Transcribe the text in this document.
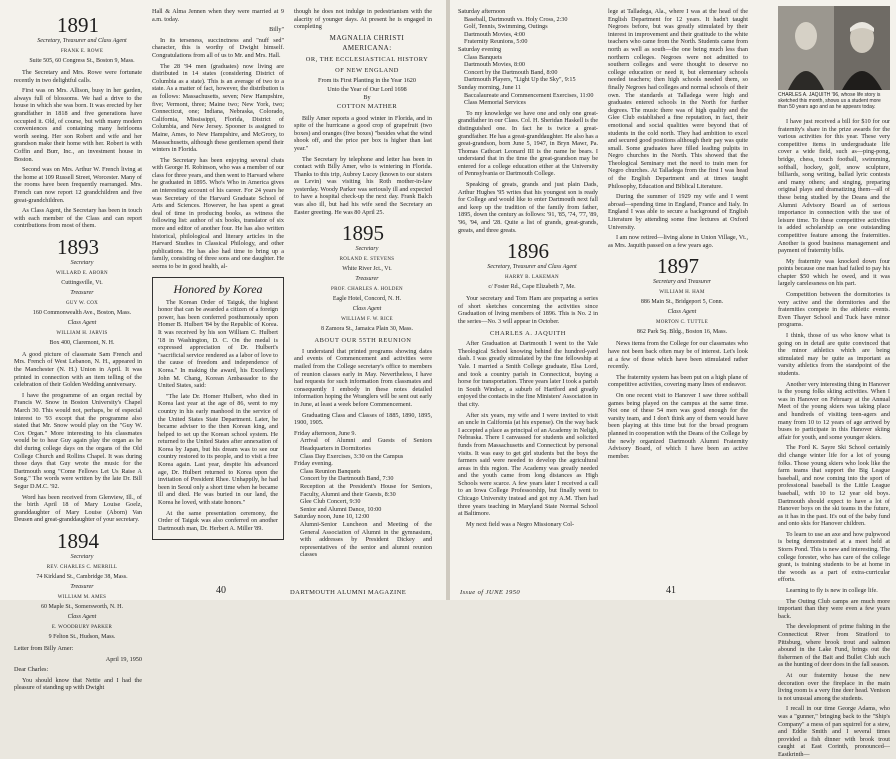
1891

Secretary, Treasurer and Class Agent

FRANK E. ROWE

Suite 505, 60 Congress St., Boston 9, Mass.

The Secretary and Mrs. Rowe were fortunate recently in two delightful calls.

First was on Mrs. Allison, busy in her garden, always full of blossoms. We had a drive to the house in which she was born. It was erected by her grandfather in 1818 and five generations have occupied it. Old, of course, but with many modern conveniences and containing many heirlooms worth seeing. Her son Robert and wife and her grandson make their home with her. Robert is with Coffin and Burr, Inc., an investment house in Boston.

Second was on Mrs. Arthur W. French living at the home at 109 Russell Street, Worcester. Many of the rooms have been frequently rearranged. Mrs. French can now report 12 grandchildren and five great-grandchildren.

As Class Agent, the Secretary has been in touch with each member of the Class and can report contributions from most of them.

1893

Secretary

WILLARD E. ABORN

Cuttingsville, Vt.

Treasurer

GUY W. COX

160 Commonwealth Ave., Boston, Mass.

Class Agent

WILLIAM H. JARVIS

Box 400, Claremont, N. H.

A good picture of classmate Sam French and Mrs. French of West Lebanon, N. H., appeared in the Manchester (N. H.) Union in April. It was printed in connection with an item telling of the celebration of their Golden Wedding anniversary.

I have the programme of an organ recital by Francis W. Snow in Boston University's Chapel March 30. This would not, perhaps, be of especial interest to '93 except that the programme also stated that Mr. Snow would play on the "Guy W. Cox Organ." More interesting to his classmates would be to hear Guy again play the organ as he did during college days on the organs of the Old College Church and Rollins Chapel. It was during those days that Guy wrote the music for the Dartmouth song "Come Fellows Let Us Raise A Song." The words were written by the late Dr. Bill Segur D.M.C. '92.

Word has been received from Glenview, Ill., of the birth April 18 of Mary Louise Goelz, granddaughter of Mary Louise (Aborn) Van Deusen and great-granddaughter of your secretary.

1894

Secretary

REV. CHARLES C. MERRILL

74 Kirkland St., Cambridge 38, Mass.

Treasurer

WILLIAM M. AMES

60 Maple St., Somersworth, N. H.

Class Agent

E. WOODBURY PARKER

9 Felton St., Hudson, Mass.

Letter from Billy Amer:

April 19, 1950

Dear Charles:

You should know that Nettie and I had the pleasure of standing up with Dwight

Hall & Alma Jennen when they were married at 9 a.m. today.

Billy"

In its terseness, succinctness and "nuff sed" character, this is worthy of Dwight himself. Congratulations from all of us to Mr. and Mrs. Hall.

The 28 '94 men (graduates) now living are distributed in 14 states (considering District of Columbia as a state). This is an average of two to a state. As a matter of fact, however, the distribution is as follows: Massachusetts, seven; New Hampshire, five; Vermont, three; Maine two; New York, two; Connecticut, one; Indiana, Nebraska, Colorado, California, Mississippi, Florida, District of Columbia, and New Jersey. Spooner is assigned to Maine, Ames, to New Hampshire, and McGrory, to Massachusetts, although these gentlemen spend their winters in Florida.

The Secretary has been enjoying several chats with George H. Robinson, who was a member of our class for three years, and then went to Harvard where he graduated in 1895. Who's Who in America gives an interesting account of his career. For 24 years he was Secretary of the Harvard Graduate School of Arts and Sciences. However, he has spent a great deal of time in producing books, as witness the following list: author of six books, translator of six more and editor of another four. He has also written historical, philological and literary articles in the Harvard Studies in Classical Philology, and other publications. He has also had time to bring up a family, consisting of three sons and one daughter. He seems to be in good health, al-

Honored by Korea

The Korean Order of Taiguk, the highest honor that can be awarded a citizen of a foreign power, has been conferred posthumously upon Homer B. Hulbert '84 by the Republic of Korea. It was received by his son William C. Hulbert '18 in Washington, D. C. On the medal is expressed appreciation of Dr. Hulbert's "sacrificial service rendered as a labor of love to the cause of freedom and independence of Korea." In making the award, his Excellency John M. Chang, Korean Ambassador to the United States, said:

"The late Dr. Homer Hulbert, who died in Korea last year at the age of 86, went to my country in his early manhood in the service of the United States State Department. Later, he became adviser to the then Korean king, and helped to set up the Korean school system. He returned to the United States after annexation of Korea by Japan, but his dream was to see our country restored to its people, and to visit a free Korea again. Last year, despite his advanced age, Dr. Hulbert returned to Korea upon the invitation of President Rhee. Unhappily, he had been in Seoul only a short time when he became ill and died. He was buried in our land, the Korea he loved, with state honors."

At the same presentation ceremony, the Order of Taiguk was also conferred on another Dartmouth man, Dr. Herbert A. Miller '89.

though he does not indulge in pedestrianism with the alacrity of younger days. At present he is engaged in completing

MAGNALIA CHRISTI

AMERICANA:

OR, THE ECCLESIASTICAL HISTORY

OF NEW ENGLAND

From its First Planting in the Year 1620

Unto the Year of Our Lord 1698

By

COTTON MATHER

Billy Amer reports a good winter in Florida, and in spite of the hurricane a good crop of grapefruit (two boxes) and oranges (five boxes) "besides what the wind shook off, and the price per box is higher than last year."

The Secretary by telephone and letter has been in contact with Billy Amer, who is wintering in Florida. Thanks to this trip, Aubrey Lucey (known to our sisters as Levin) was visiting his Roth mother-in-law yesterday. Woody Parker was seriously ill and expected to have a hospital check-up the next day. Frank Balch was also ill, but had his wife send the Secretary an Easter greeting. He was 80 April 25.

1895

Secretary

ROLAND E. STEVENS

White River Jct., Vt.

Treasurer

PROF. CHARLES A. HOLDEN

Eagle Hotel, Concord, N. H.

Class Agent

WILLIAM F. W. RICE

8 Zamora St., Jamaica Plain 30, Mass.

ABOUT OUR 55TH REUNION

I understand that printed programs showing dates and events of Commencement and activities were mailed from the College secretary's office to members of reunion classes early in May. Nevertheless, I have had requests for such information from classmates and consequently I embody in these notes detailed information hoping the Wranglers will be sent out early in June, at least a week before Commencement.

Graduating Class and Classes of 1885, 1890, 1895, 1900, 1905.

Friday afternoon, June 9.

Arrival of Alumni and Guests of Seniors Headquarters in Dormitories

Class Day Exercises, 3:30 on the Campus

Friday evening.

Class Reunion Banquets

Concert by the Dartmouth Band, 7:30

Reception at the President's House for Seniors, Faculty, Alumni and their Guests, 8:30

Glee Club Concert, 9:30

Senior and Alumni Dance, 10:00

Saturday noon, June 10, 12:00

Alumni-Senior Luncheon and Meeting of the General Association of Alumni in the gymnasium, with addresses by President Dickey and representatives of the senior and alumni reunion classes

40	DARTMOUTH ALUMNI MAGAZINE

Saturday afternoon

Baseball, Dartmouth vs. Holy Cross, 2:30

Golf, Tennis, Swimming, Outings

Dartmouth Movies, 4:00

Fraternity Reunions, 5:00

Saturday evening

Class Banquets

Dartmouth Movies, 8:00

Concert by the Dartmouth Band, 8:00

Dartmouth Players, "Light Up the Sky", 9:15

Sunday morning, June 11

Baccalaureate and Commencement Exercises, 11:00

Class Memorial Services

To my knowledge we have one and only one great-grandfather in our Class. Col. H. Sheridan Haskell is the distinguished one. In fact he is twice a great-grandfather. He has a great-granddaughter. He also has a great-grandson, born June 5, 1947, in Bryn Mawr, Pa. Thomas Cathcart Leonard III is the name he bears. I understand that in the time the great-grandson may be entered for a college education either at the University of Pennsylvania or Dartmouth College.

Speaking of greats, grands and just plain Dads, Arthur Hughes '95 writes that his youngest son is ready for College and would like to enter Dartmouth next fall and keep up the tradition of the family from father, 1895, down the century as follows: '91, '85, '74, '77, '89, '96, '94, and '28. Quite a list of grands, great-grands, greats, and three greats.

1896

Secretary, Treasurer and Class Agent

HARRY B. LAKEMAN

c/ Foster Rd., Cape Elizabeth 7, Me.

Your secretary and Tom Ham are preparing a series of short sketches concerning the activities since Graduation of living members of 1896. This is No. 2 in the series—No. 3 will appear in October.

CHARLES A. JAQUITH

After Graduation at Dartmouth I went to the Yale Theological School knowing behind the hundred-yard dash. I was greatly stimulated by the fine fellowship at Yale. I married a Smith College graduate, Elsa Lord, and took a country parish in Connecticut, buying a horse for transportation. Three years later I took a parish in South Windsor, a suburb of Hartford and greatly enjoyed the contacts in the fine Ministers' Association in that city.

After six years, my wife and I were invited to visit an uncle in California (at his expense). On the way back I accepted a place as principal of an Academy in Neligh, Nebraska. There I canvassed for students and solicited funds from Massachusetts and Connecticut by personal visits. It was easy to get girl students but the boys the farmers said were needed to develop the agricultural areas in this region. The Academy was greatly needed and the youth came from long distances as High Schools were scarce. A few years later I received a call to an Iowa College Professorship, but finally went to Chicago University instead and got my A.M. Then had three years teaching in Maryland State Normal School at Baltimore.

My next field was a Negro Missionary Col-

lege at Talladega, Ala., where I was at the head of the English Department for 12 years. It hadn't taught Negroes before, but was greatly stimulated by their interest in improvement and their gratitude to the white teachers who came from the North. Students came from north as well as south—the one being much less than northern colleges. Negroes were not admitted to southern colleges and were thought to deserve no college education or need it, but elementary schools needed teachers; then high schools needed them, so finally Negroes had colleges and normal schools of their own. The standards at Talladega were high and graduates entered schools in the North for further degrees. The music there was of high quality and the Glee Club established a fine reputation, in fact, their emotional and social qualities were beyond that of students in the cold north. They had ambition to excel and secured good positions although their pay was quite small. Some graduates have filled leading pulpits in Negro churches in the North. This showed that the Theological Seminary met the need to train men for Negro churches. At Talladega from the first I was head of the English Department and at times taught Philosophy, Education and Biblical Literature.

During the summer of 1929 my wife and I went abroad—spending time in England, France and Italy. In England I was able to secure a background of English Literature by attending some fine lectures at Oxford University.

I am now retired—living alone in Union Village, Vt., as Mrs. Jaquith passed on a few years ago.

1897

Secretary and Treasurer

WILLIAM H. HAM

886 Main St., Bridgeport 5, Conn.

Class Agent

MORTON C. TUTTLE

862 Park Sq. Bldg., Boston 16, Mass.

News items from the College for our classmates who have not been back often may be of interest. Let's look at a few of those which have been stimulated rather recently.

The fraternity system has been put on a high plane of competitive activities, covering many lines of endeavor.

On one recent visit to Hanover I saw three softball games being played on the campus at the same time. Not one of these 54 men was good enough for the varsity team, and I don't think any of them would have been playing at this time but for the broad program planned in cooperation with the Deans of the College by the newly organized Dartmouth Alumni Fraternity Advisory Board, of which I have been an active member.

CHARLES A. JAQUITH '96, whose life story is sketched this month, shows us a student more than 50 years ago and as he appears today.

I have just received a bill for $10 for our fraternity's share in the prize awards for the various activities for this year. These very competitive items in undergraduate life cover a wide field, such as—ping-pong, bridge, chess, touch football, swimming, softball, hockey, golf, snow sculpture, billiards, song writing, ballad lyric contests and many others; and singing, preparing original plays and dramatizing them—all of these being studied by the Deans and the Alumni Advisory Board as of serious importance in connection with the use of leisure time. To these competitive activities is added scholarship as one outstanding competitive feature among the fraternities. Another is good business management and payment of fraternity bills.

My fraternity was knocked down four points because one man had failed to pay his chapter $50 which he owed, and it was largely carelessness on his part.

Competition between the dormitories is very active and the dormitories and the fraternities compete in the athletic events. Even Thayer School and Tuck have minor programs.

I think, those of us who know what is going on in detail are quite convinced that the minor athletics which are being stimulated may be quite as important as varsity athletics from the standpoint of the students.

Another very interesting thing in Hanover is the young folks skiing activities. When I was in Hanover on February at the Annual Meet of the young skiers was taking place and hundreds of visiting teen-agers and many from 10 to 12 years of age arrived by buses to participate in this Hanover skiing affair for youth, and some younger skiers.

The Ford K. Sayre Ski School certainly did change winter life for a lot of young folks. Those young skiers who look like the farm teams that support the Big League baseball, and now coming into the sport of professional baseball is the Little League baseball, with 10 to 12 year old boys. Dartmouth should expect to have a lot of Hanover boys on the ski teams in the future, as it has in the past. It's out of the baby fund and onto skis for Hanover children.

To learn to use an axe and how pulpwood is being demonstrated at a meet held at Storrs Pond. This is new and interesting. The college forester, who has care of the college grant, is training students to be at home in the woods as a part of extra-curricular efforts.

Learning to fly is new in college life.

The Outing Club camps are much more important than they were even a few years back.

The development of prime fishing in the Connecticut River from Stratford to Pittsburg, where brook trout and salmon abound in the Lake Fund, brings out the fishermen of the Bait and Bullet Club such as the hunting of deer does in the fall season.

At our fraternity house the new decoration over the fireplace in the main living room is a very fine deer head. Venison is not unusual among the students.

I recall in our time George Adams, who was a "gunner," bringing back to the "Ship's Company" a mess of pan squirrel for a stew, and Eddie Smith and I several times provided a fish dinner with brook trout caught at East Corinth, pronounced—Eastkrinth—

Issue of JUNE 1950	41
